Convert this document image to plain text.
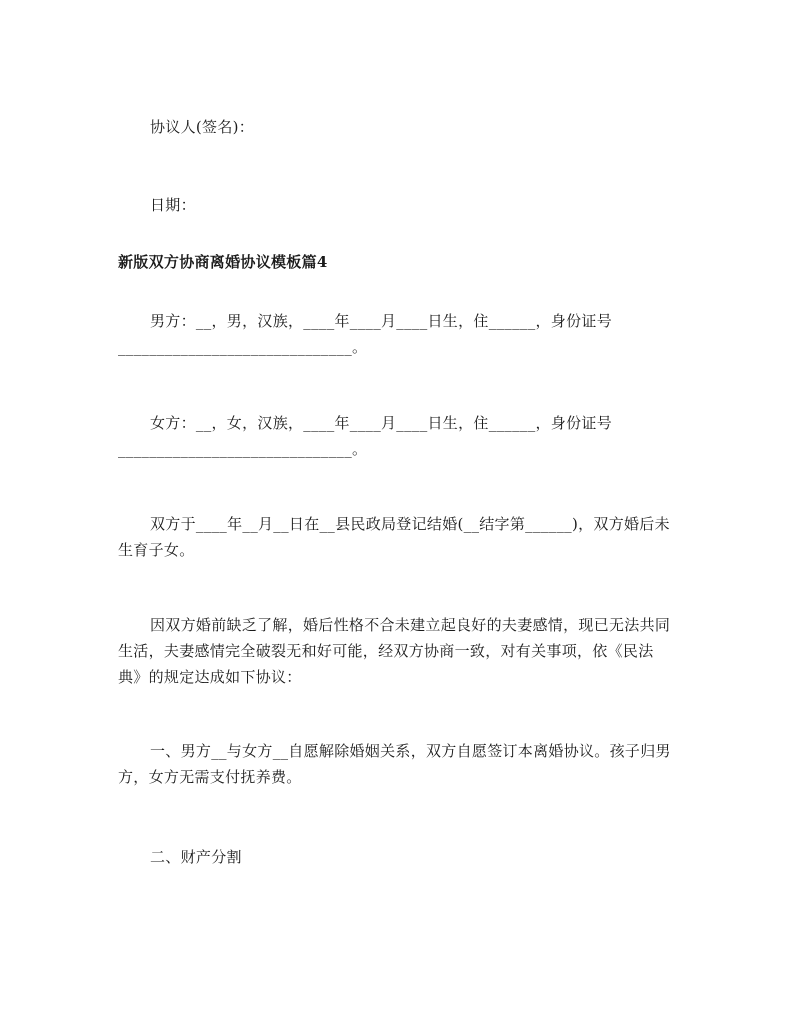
协议人(签名)：
日期：
新版双方协商离婚协议模板篇4
男方：__，男，汉族，____年____月____日生，住______，身份证号
______________________________。
女方：__，女，汉族，____年____月____日生，住______，身份证号
______________________________。
双方于____年__月__日在__县民政局登记结婚(__结字第______)，双方婚后未
生育子女。
因双方婚前缺乏了解，婚后性格不合未建立起良好的夫妻感情，现已无法共同
生活，夫妻感情完全破裂无和好可能，经双方协商一致，对有关事项，依《民法
典》的规定达成如下协议：
一、男方__与女方__自愿解除婚姻关系，双方自愿签订本离婚协议。孩子归男
方，女方无需支付抚养费。
二、财产分割
